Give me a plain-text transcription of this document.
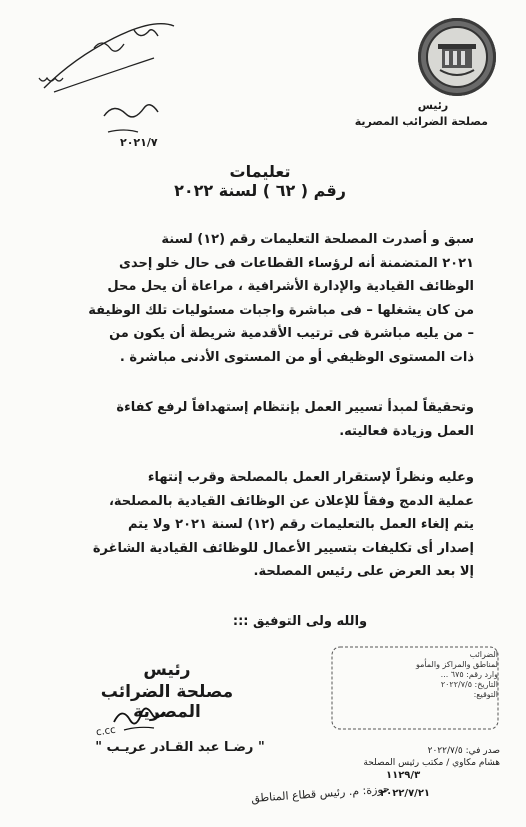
رئيس
مصلحة الضرائب المصرية
٢٠٢١/٧
تعليمات
رقم ( ٦٢ ) لسنة ٢٠٢٢
سبق و أصدرت المصلحة التعليمات رقم (١٢) لسنة
٢٠٢١ المتضمنة أنه لرؤساء القطاعات فى حال خلو إحدى
الوظائف القيادية والإدارة الأشرافية ، مراعاة أن يحل محل
من كان يشغلها – فى مباشرة واجبات مسئوليات تلك الوظيفة
– من يليه مباشرة فى ترتيب الأقدمية شريطة أن يكون من
ذات المستوى الوظيفي أو من المستوى الأدنى مباشرة .
وتحقيقاً لمبدأ تسيير العمل بإنتظام إستهدافاً لرفع كفاءة
العمل وزيادة فعاليته.
وعليه ونظراً لإستقرار العمل بالمصلحة وقرب إنتهاء
عملية الدمج وفقاً للإعلان عن الوظائف القيادية بالمصلحة،
يتم إلغاء العمل بالتعليمات رقم (١٢) لسنة ٢٠٢١ ولا يتم
إصدار أى تكليفات بتسيير الأعمال للوظائف القيادية الشاغرة
إلا بعد العرض على رئيس المصلحة.
والله ولى التوفيق :::
رئيس
مصلحة الضرائب المصرية
c.cc
" رضـا عبد القـادر عريـب "
الضرائب
لمناطق والمراكز والمأمو
وارد رقم: ٦٧٥ ...
التاريخ: ٢٠٢٢/٧/٥
التوقيع:
صدر في: ٢٠٢٢/٧/٥
هشام مكاوي / مكتب رئيس المصلحة
١١٢٩/٣
٢٠٢٢/٧/٢١
حوزة: م. رئيس قطاع المناطق
